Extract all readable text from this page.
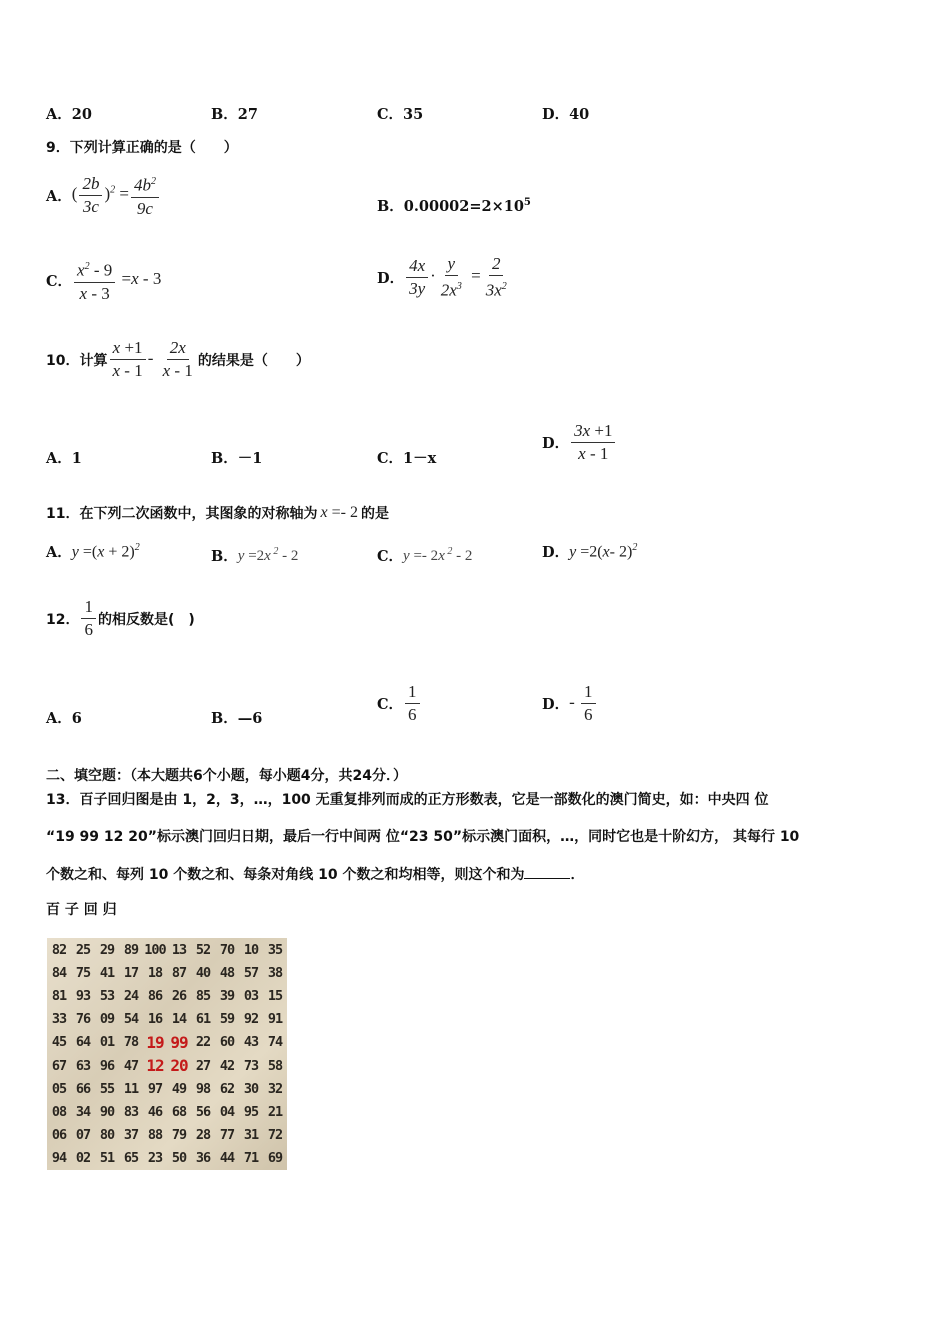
A．20	B．27	C．35	D．40
9．下列计算正确的是（　　）
A． ( $\frac{2b}{3c} )^2 = \frac{4b^2}{9c}$	B．$0.00002=2\times 10^5$
C． $\frac{x^2 - 9}{x - 3} =x - 3$	D． $\frac{4x}{3y} \cdot \frac{y}{2x^3} = \frac{2}{3x^2}$
10．计算 $\frac{x +1}{x - 1} - \frac{2x}{x - 1}$ 的结果是（　　）
A．1	B．－1	C．1－x
D． $\frac{3x +1}{x - 1}$
11．在下列二次函数中，其图象的对称轴为 x =- 2 的是
A． $y =(x + 2)^2$
B． y =2x $^2$ - 2	C． y =- 2x $^2$ - 2	D． y =2(x- 2)$^2$
12． $\frac{1}{6}$ 的相反数是(　)
A．6	B．—6
C． $\frac{1}{6}$	D． - $\frac{1}{6}$
二、填空题：（本大题共6个小题，每小题4分，共24分．）
13．百子回归图是由 1，2，3，…，100 无重复排列而成的正方形数表，它是一部数化的澳门简史，如：中央四 位
“19 99 12 20”标示澳门回归日期，最后一行中间两 位“23 50”标示澳门面积，…，同时它也是十阶幻方， 其每行 10
个数之和、每列 10 个数之和、每条对角线 10 个数之和均相等，则这个和为	．
百 子 回 归
82 25 29 89 100 13 52 70 10 35
84 75 41 17 18 87 40 48 57 38
81 93 53 24 86 26 85 39 03 15
33 76 09 54 16 14 61 59 92 91
45 64 01 78 19 99 22 60 43 74
67 63 96 47 12 20 27 42 73 58
05 66 55 11 97 49 98 62 30 32
08 34 90 83 46 68 56 04 95 21
06 07 80 37 88 79 28 77 31 72
94 02 51 65 23 50 36 44 71 69
